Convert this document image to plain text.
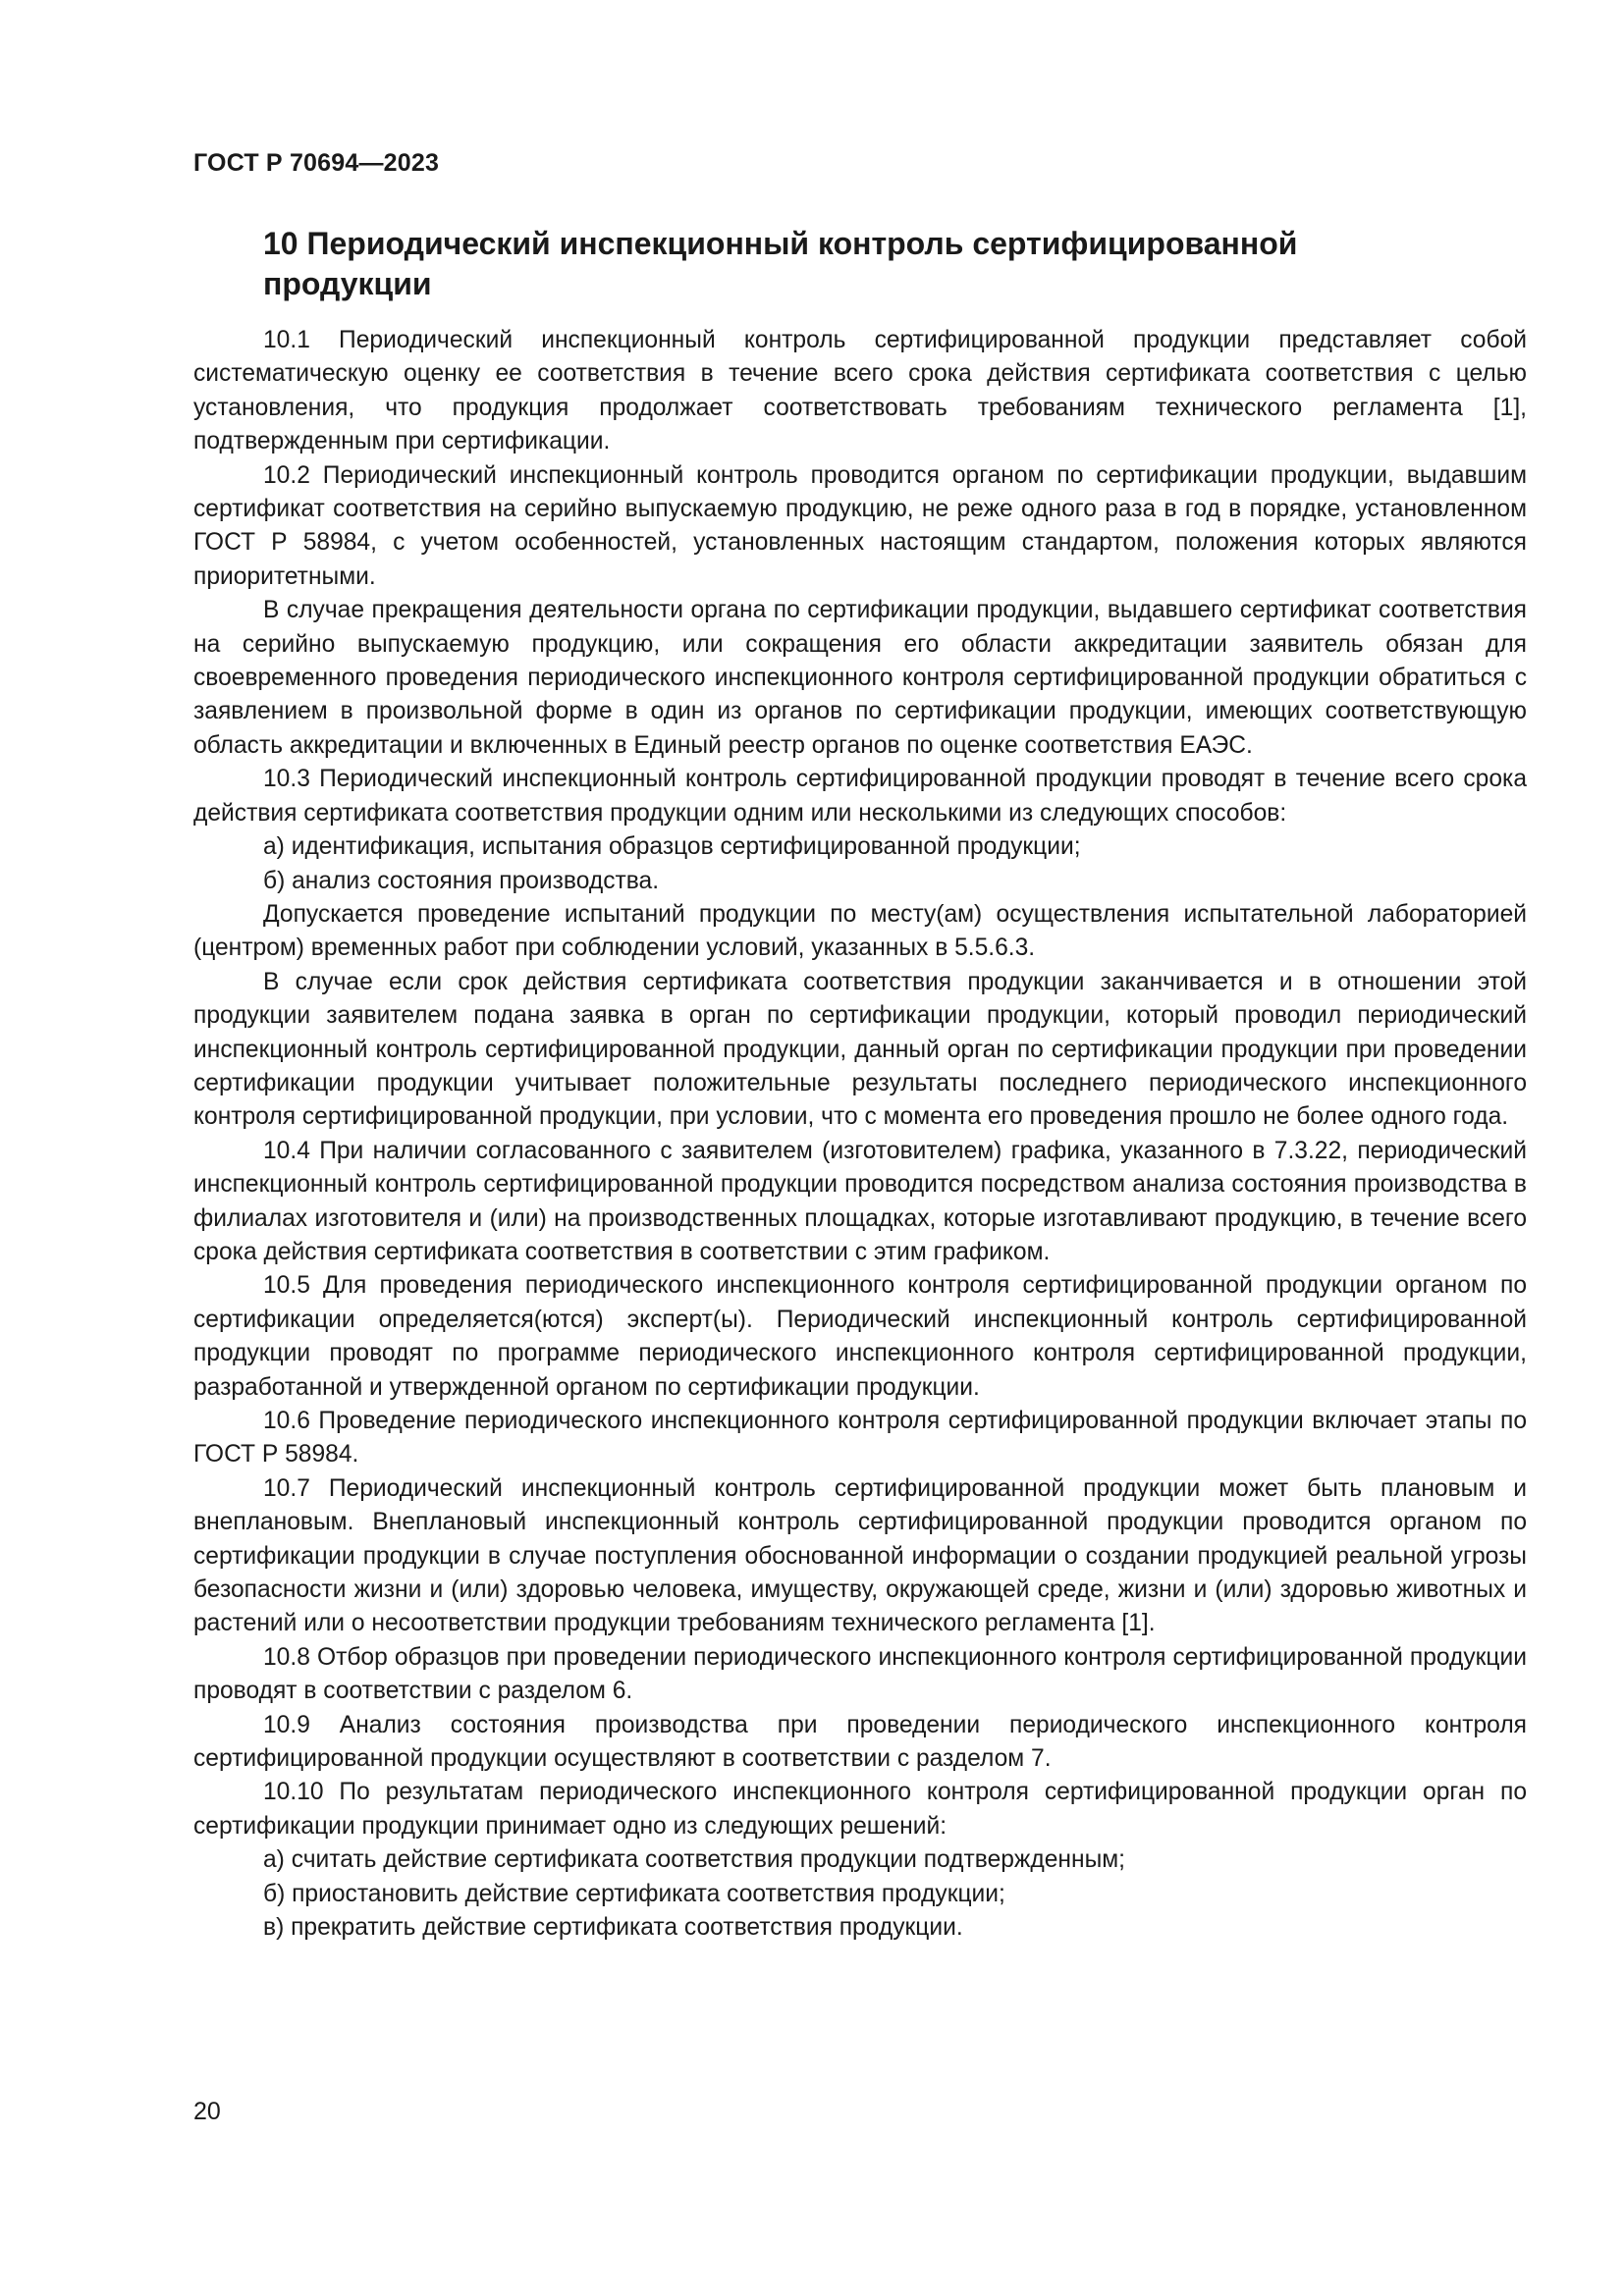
ГОСТ Р 70694—2023
10 Периодический инспекционный контроль сертифицированной продукции

10.1 Периодический инспекционный контроль сертифицированной продукции представляет собой систематическую оценку ее соответствия в течение всего срока действия сертификата соответствия с целью установления, что продукция продолжает соответствовать требованиям технического регламента [1], подтвержденным при сертификации.

10.2 Периодический инспекционный контроль проводится органом по сертификации продукции, выдавшим сертификат соответствия на серийно выпускаемую продукцию, не реже одного раза в год в порядке, установленном ГОСТ Р 58984, с учетом особенностей, установленных настоящим стандартом, положения которых являются приоритетными.

В случае прекращения деятельности органа по сертификации продукции, выдавшего сертификат соответствия на серийно выпускаемую продукцию, или сокращения его области аккредитации заявитель обязан для своевременного проведения периодического инспекционного контроля сертифицированной продукции обратиться с заявлением в произвольной форме в один из органов по сертификации продукции, имеющих соответствующую область аккредитации и включенных в Единый реестр органов по оценке соответствия ЕАЭС.

10.3 Периодический инспекционный контроль сертифицированной продукции проводят в течение всего срока действия сертификата соответствия продукции одним или несколькими из следующих способов:

а) идентификация, испытания образцов сертифицированной продукции;

б) анализ состояния производства.

Допускается проведение испытаний продукции по месту(ам) осуществления испытательной лабораторией (центром) временных работ при соблюдении условий, указанных в 5.5.6.3.

В случае если срок действия сертификата соответствия продукции заканчивается и в отношении этой продукции заявителем подана заявка в орган по сертификации продукции, который проводил периодический инспекционный контроль сертифицированной продукции, данный орган по сертификации продукции при проведении сертификации продукции учитывает положительные результаты последнего периодического инспекционного контроля сертифицированной продукции, при условии, что с момента его проведения прошло не более одного года.

10.4 При наличии согласованного с заявителем (изготовителем) графика, указанного в 7.3.22, периодический инспекционный контроль сертифицированной продукции проводится посредством анализа состояния производства в филиалах изготовителя и (или) на производственных площадках, которые изготавливают продукцию, в течение всего срока действия сертификата соответствия в соответствии с этим графиком.

10.5 Для проведения периодического инспекционного контроля сертифицированной продукции органом по сертификации определяется(ются) эксперт(ы). Периодический инспекционный контроль сертифицированной продукции проводят по программе периодического инспекционного контроля сертифицированной продукции, разработанной и утвержденной органом по сертификации продукции.

10.6 Проведение периодического инспекционного контроля сертифицированной продукции включает этапы по ГОСТ Р 58984.

10.7 Периодический инспекционный контроль сертифицированной продукции может быть плановым и внеплановым. Внеплановый инспекционный контроль сертифицированной продукции проводится органом по сертификации продукции в случае поступления обоснованной информации о создании продукцией реальной угрозы безопасности жизни и (или) здоровью человека, имуществу, окружающей среде, жизни и (или) здоровью животных и растений или о несоответствии продукции требованиям технического регламента [1].

10.8 Отбор образцов при проведении периодического инспекционного контроля сертифицированной продукции проводят в соответствии с разделом 6.

10.9 Анализ состояния производства при проведении периодического инспекционного контроля сертифицированной продукции осуществляют в соответствии с разделом 7.

10.10 По результатам периодического инспекционного контроля сертифицированной продукции орган по сертификации продукции принимает одно из следующих решений:

а) считать действие сертификата соответствия продукции подтвержденным;

б) приостановить действие сертификата соответствия продукции;

в) прекратить действие сертификата соответствия продукции.

20
